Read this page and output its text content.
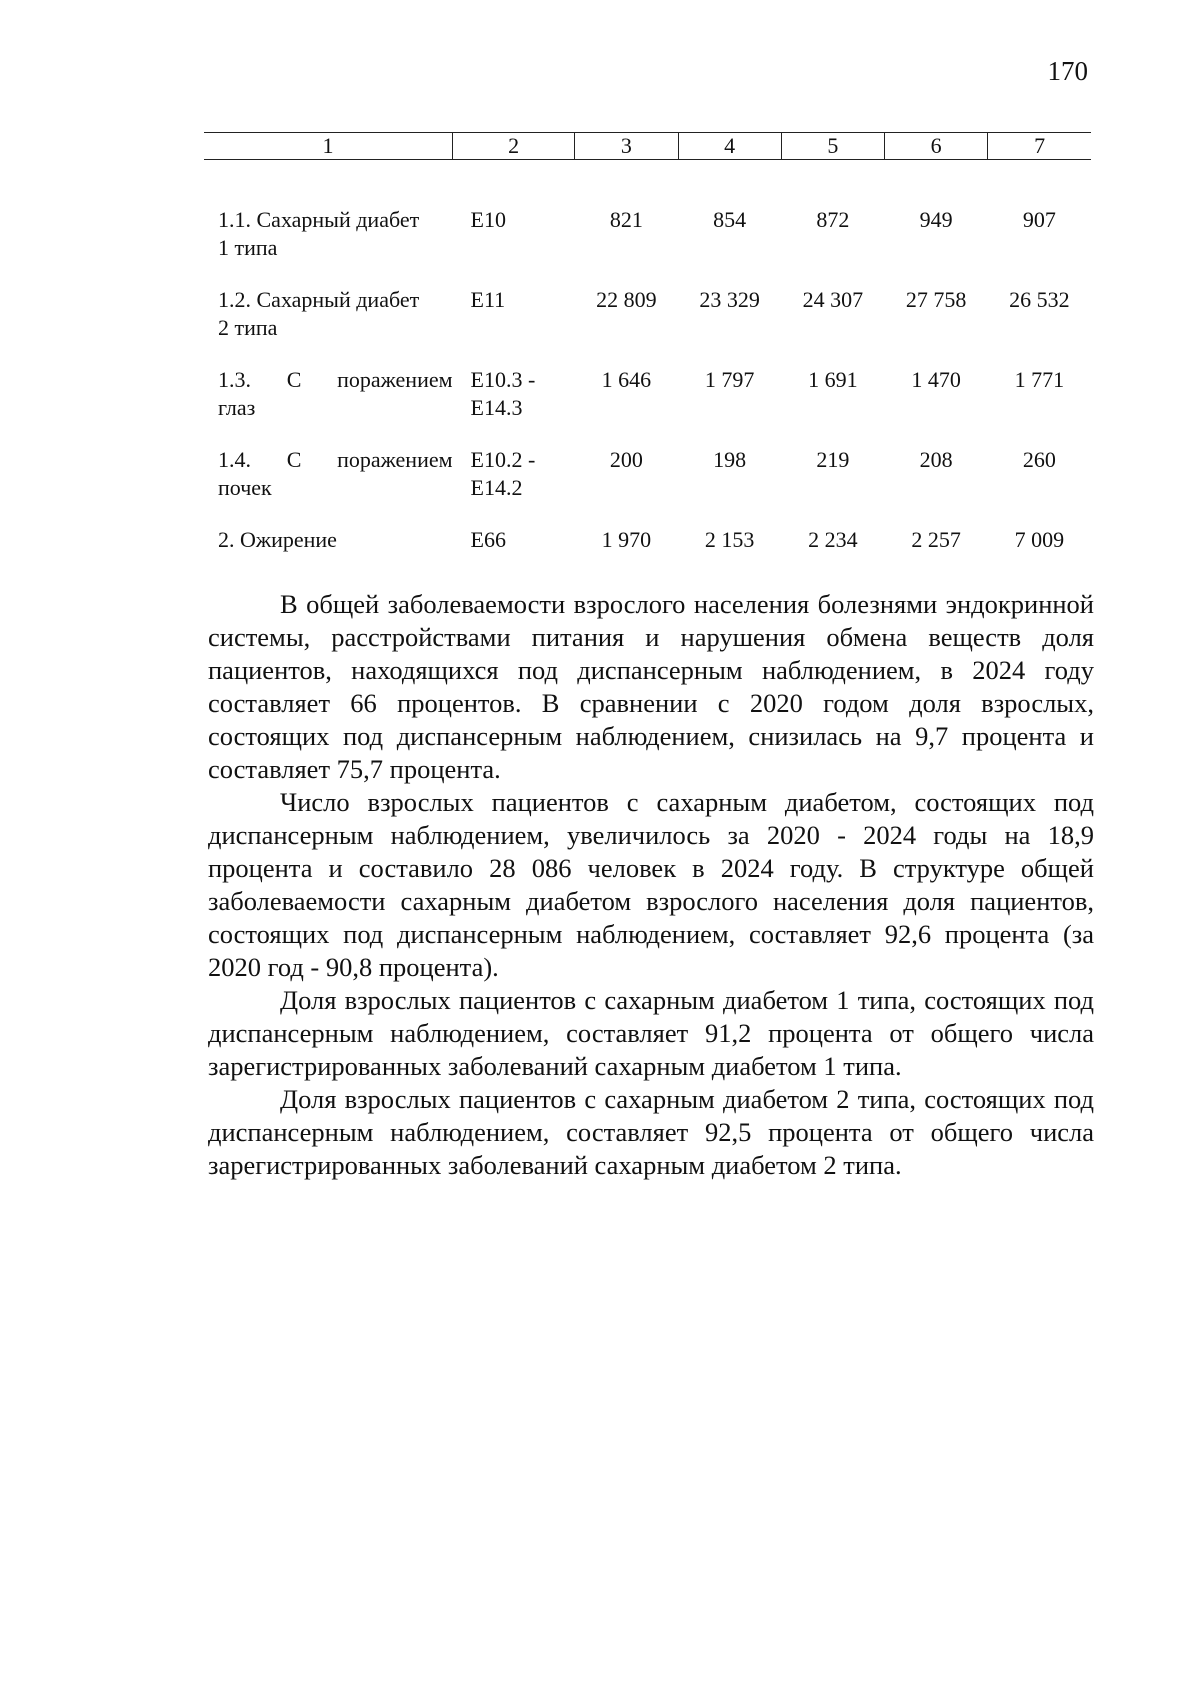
170
1	2	3	4	5	6	7

1.1. Сахарный диабет
1 типа	E10	821	854	872	949	907

1.2. Сахарный диабет
2 типа	E11	22 809	23 329	24 307	27 758	26 532

1.3. С поражением
глаз	E10.3 -
E14.3	1 646	1 797	1 691	1 470	1 771

1.4. С поражением
почек	E10.2 -
E14.2	200	198	219	208	260

2. Ожирение	E66	1 970	2 153	2 234	2 257	7 009

В общей заболеваемости взрослого населения болезнями эндокринной системы, расстройствами питания и нарушения обмена веществ доля пациентов, находящихся под диспансерным наблюдением, в 2024 году составляет 66 процентов. В сравнении с 2020 годом доля взрослых, состоящих под диспансерным наблюдением, снизилась на 9,7 процента и составляет 75,7 процента.

Число взрослых пациентов с сахарным диабетом, состоящих под диспансерным наблюдением, увеличилось за 2020 - 2024 годы на 18,9 процента и составило 28 086 человек в 2024 году. В структуре общей заболеваемости сахарным диабетом взрослого населения доля пациентов, состоящих под диспансерным наблюдением, составляет 92,6 процента (за 2020 год - 90,8 процента).

Доля взрослых пациентов с сахарным диабетом 1 типа, состоящих под диспансерным наблюдением, составляет 91,2 процента от общего числа зарегистрированных заболеваний сахарным диабетом 1 типа.

Доля взрослых пациентов с сахарным диабетом 2 типа, состоящих под диспансерным наблюдением, составляет 92,5 процента от общего числа зарегистрированных заболеваний сахарным диабетом 2 типа.
